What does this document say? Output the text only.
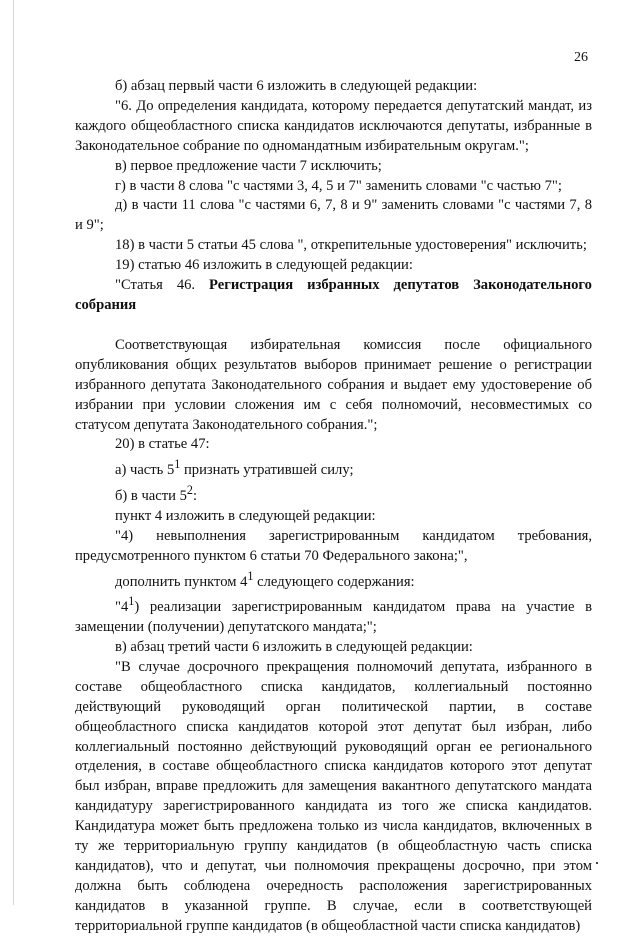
26

б) абзац первый части 6 изложить в следующей редакции:

"6. До определения кандидата, которому передается депутатский мандат, из каждого общеобластного списка кандидатов исключаются депутаты, избранные в Законодательное собрание по одномандатным избирательным округам.";

в) первое предложение части 7 исключить;

г) в части 8 слова "с частями 3, 4, 5 и 7" заменить словами "с частью 7";

д) в части 11 слова "с частями 6, 7, 8 и 9" заменить словами "с частями 7, 8 и 9";

18) в части 5 статьи 45 слова ", открепительные удостоверения" исключить;

19) статью 46 изложить в следующей редакции:

"Статья 46. Регистрация избранных депутатов Законодательного собрания

Соответствующая избирательная комиссия после официального опубликования общих результатов выборов принимает решение о регистрации избранного депутата Законодательного собрания и выдает ему удостоверение об избрании при условии сложения им с себя полномочий, несовместимых со статусом депутата Законодательного собрания.";

20) в статье 47:

а) часть $5^1$ признать утратившей силу;

б) в части $5^2$:

пункт 4 изложить в следующей редакции:

"4) невыполнения зарегистрированным кандидатом требования, предусмотренного пунктом 6 статьи 70 Федерального закона;",

дополнить пунктом $4^1$ следующего содержания:

"$4^1$) реализации зарегистрированным кандидатом права на участие в замещении (получении) депутатского мандата;";

в) абзац третий части 6 изложить в следующей редакции:

"В случае досрочного прекращения полномочий депутата, избранного в составе общеобластного списка кандидатов, коллегиальный постоянно действующий руководящий орган политической партии, в составе общеобластного списка кандидатов которой этот депутат был избран, либо коллегиальный постоянно действующий руководящий орган ее регионального отделения, в составе общеобластного списка кандидатов которого этот депутат был избран, вправе предложить для замещения вакантного депутатского мандата кандидатуру зарегистрированного кандидата из того же списка кандидатов. Кандидатура может быть предложена только из числа кандидатов, включенных в ту же территориальную группу кандидатов (в общеобластную часть списка кандидатов), что и депутат, чьи полномочия прекращены досрочно, при этом должна быть соблюдена очередность расположения зарегистрированных кандидатов в указанной группе. В случае, если в соответствующей территориальной группе кандидатов (в общеобластной части списка кандидатов)
